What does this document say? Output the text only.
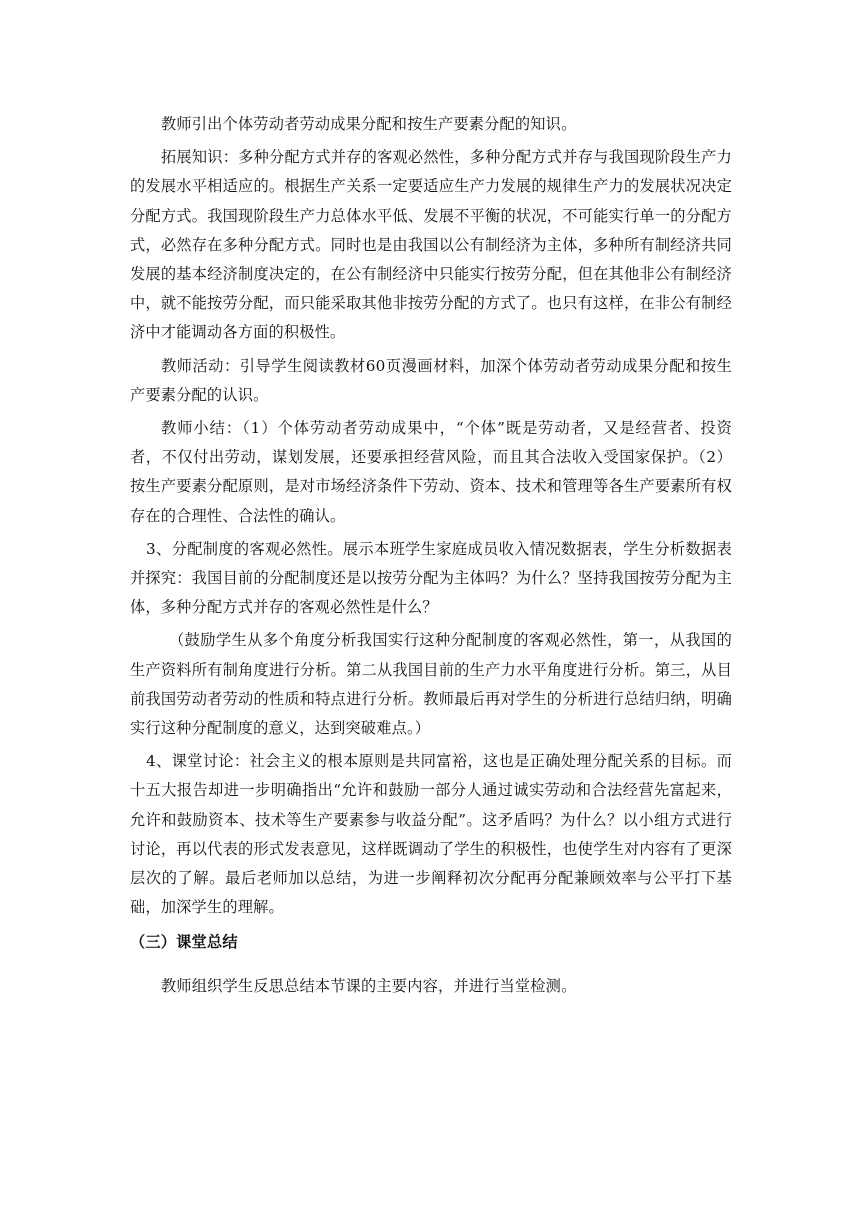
教师引出个体劳动者劳动成果分配和按生产要素分配的知识。

拓展知识：多种分配方式并存的客观必然性，多种分配方式并存与我国现阶段生产力的发展水平相适应的。根据生产关系一定要适应生产力发展的规律生产力的发展状况决定分配方式。我国现阶段生产力总体水平低、发展不平衡的状况，不可能实行单一的分配方式，必然存在多种分配方式。同时也是由我国以公有制经济为主体，多种所有制经济共同发展的基本经济制度决定的，在公有制经济中只能实行按劳分配，但在其他非公有制经济中，就不能按劳分配，而只能采取其他非按劳分配的方式了。也只有这样，在非公有制经济中才能调动各方面的积极性。

教师活动：引导学生阅读教材60页漫画材料，加深个体劳动者劳动成果分配和按生产要素分配的认识。

教师小结：（1）个体劳动者劳动成果中，“个体”既是劳动者，又是经营者、投资者，不仅付出劳动，谋划发展，还要承担经营风险，而且其合法收入受国家保护。（2）按生产要素分配原则，是对市场经济条件下劳动、资本、技术和管理等各生产要素所有权存在的合理性、合法性的确认。

3、分配制度的客观必然性。展示本班学生家庭成员收入情况数据表，学生分析数据表并探究：我国目前的分配制度还是以按劳分配为主体吗？为什么？坚持我国按劳分配为主体，多种分配方式并存的客观必然性是什么？

（鼓励学生从多个角度分析我国实行这种分配制度的客观必然性，第一，从我国的生产资料所有制角度进行分析。第二从我国目前的生产力水平角度进行分析。第三，从目前我国劳动者劳动的性质和特点进行分析。教师最后再对学生的分析进行总结归纳，明确实行这种分配制度的意义，达到突破难点。）

4、课堂讨论：社会主义的根本原则是共同富裕，这也是正确处理分配关系的目标。而十五大报告却进一步明确指出“允许和鼓励一部分人通过诚实劳动和合法经营先富起来，允许和鼓励资本、技术等生产要素参与收益分配”。这矛盾吗？为什么？以小组方式进行讨论，再以代表的形式发表意见，这样既调动了学生的积极性，也使学生对内容有了更深层次的了解。最后老师加以总结，为进一步阐释初次分配再分配兼顾效率与公平打下基础，加深学生的理解。

（三）课堂总结

教师组织学生反思总结本节课的主要内容，并进行当堂检测。
